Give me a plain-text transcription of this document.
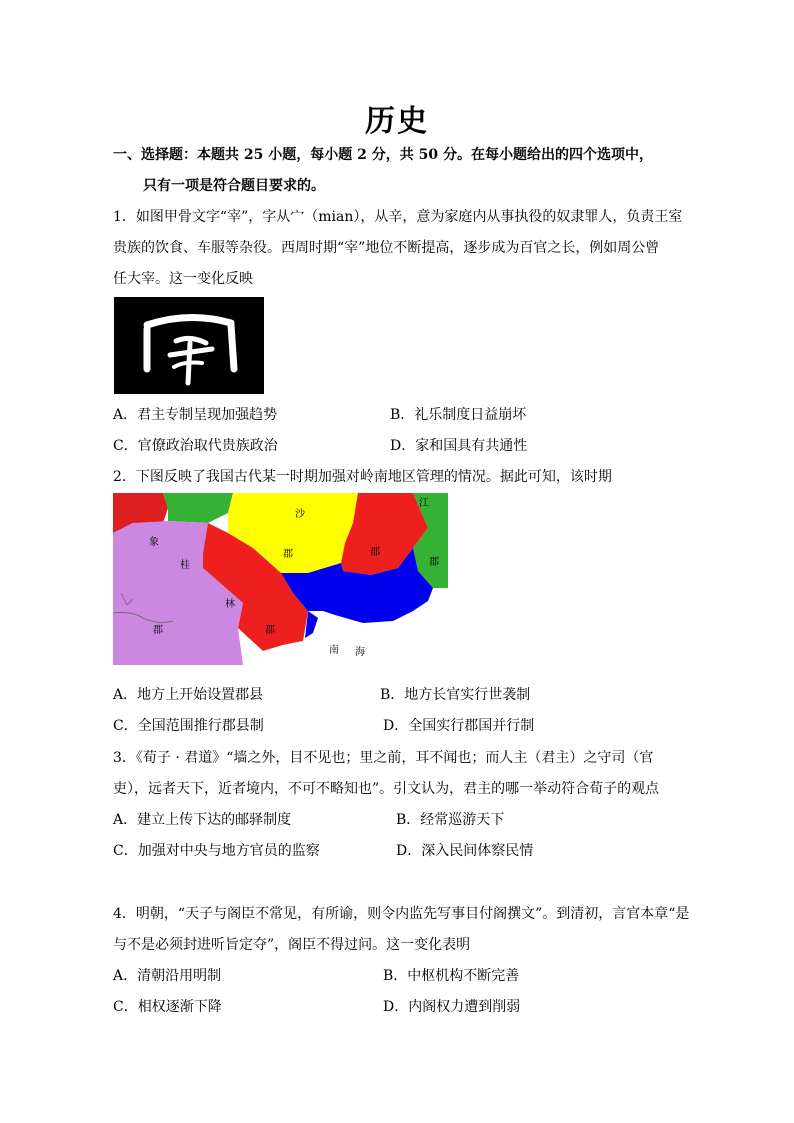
历史
一、选择题：本题共 25 小题，每小题 2 分，共 50 分。在每小题给出的四个选项中，
只有一项是符合题目要求的。
1．如图甲骨文字“宰”，字从宀（mian），从辛，意为家庭内从事执役的奴隶罪人，负责王室
贵族的饮食、车服等杂役。西周时期“宰”地位不断提高，逐步成为百官之长，例如周公曾
任大宰。这一变化反映
A．君主专制呈现加强趋势	B．礼乐制度日益崩坏
C．官僚政治取代贵族政治	D．家和国具有共通性
2．下图反映了我国古代某一时期加强对岭南地区管理的情况。据此可知，该时期
沙
江
象
桂
郡	郡
郡
林
郡	郡
南 海
A．地方上开始设置郡县	B．地方长官实行世袭制
C．全国范围推行郡县制	D．全国实行郡国并行制
3．《荀子 · 君道》“墙之外，目不见也；里之前，耳不闻也；而人主（君主）之守司（官
吏），远者天下，近者境内，不可不略知也”。引文认为，君主的哪一举动符合荀子的观点
A．建立上传下达的邮驿制度	B．经常巡游天下
C．加强对中央与地方官员的监察	D．深入民间体察民情
4．明朝，“天子与阁臣不常见，有所谕，则令内监先写事目付阁撰文”。到清初，言官本章“是
与不是必须封进听旨定夺”，阁臣不得过问。这一变化表明
A．清朝沿用明制	B．中枢机构不断完善
C．相权逐渐下降	D．内阁权力遭到削弱
